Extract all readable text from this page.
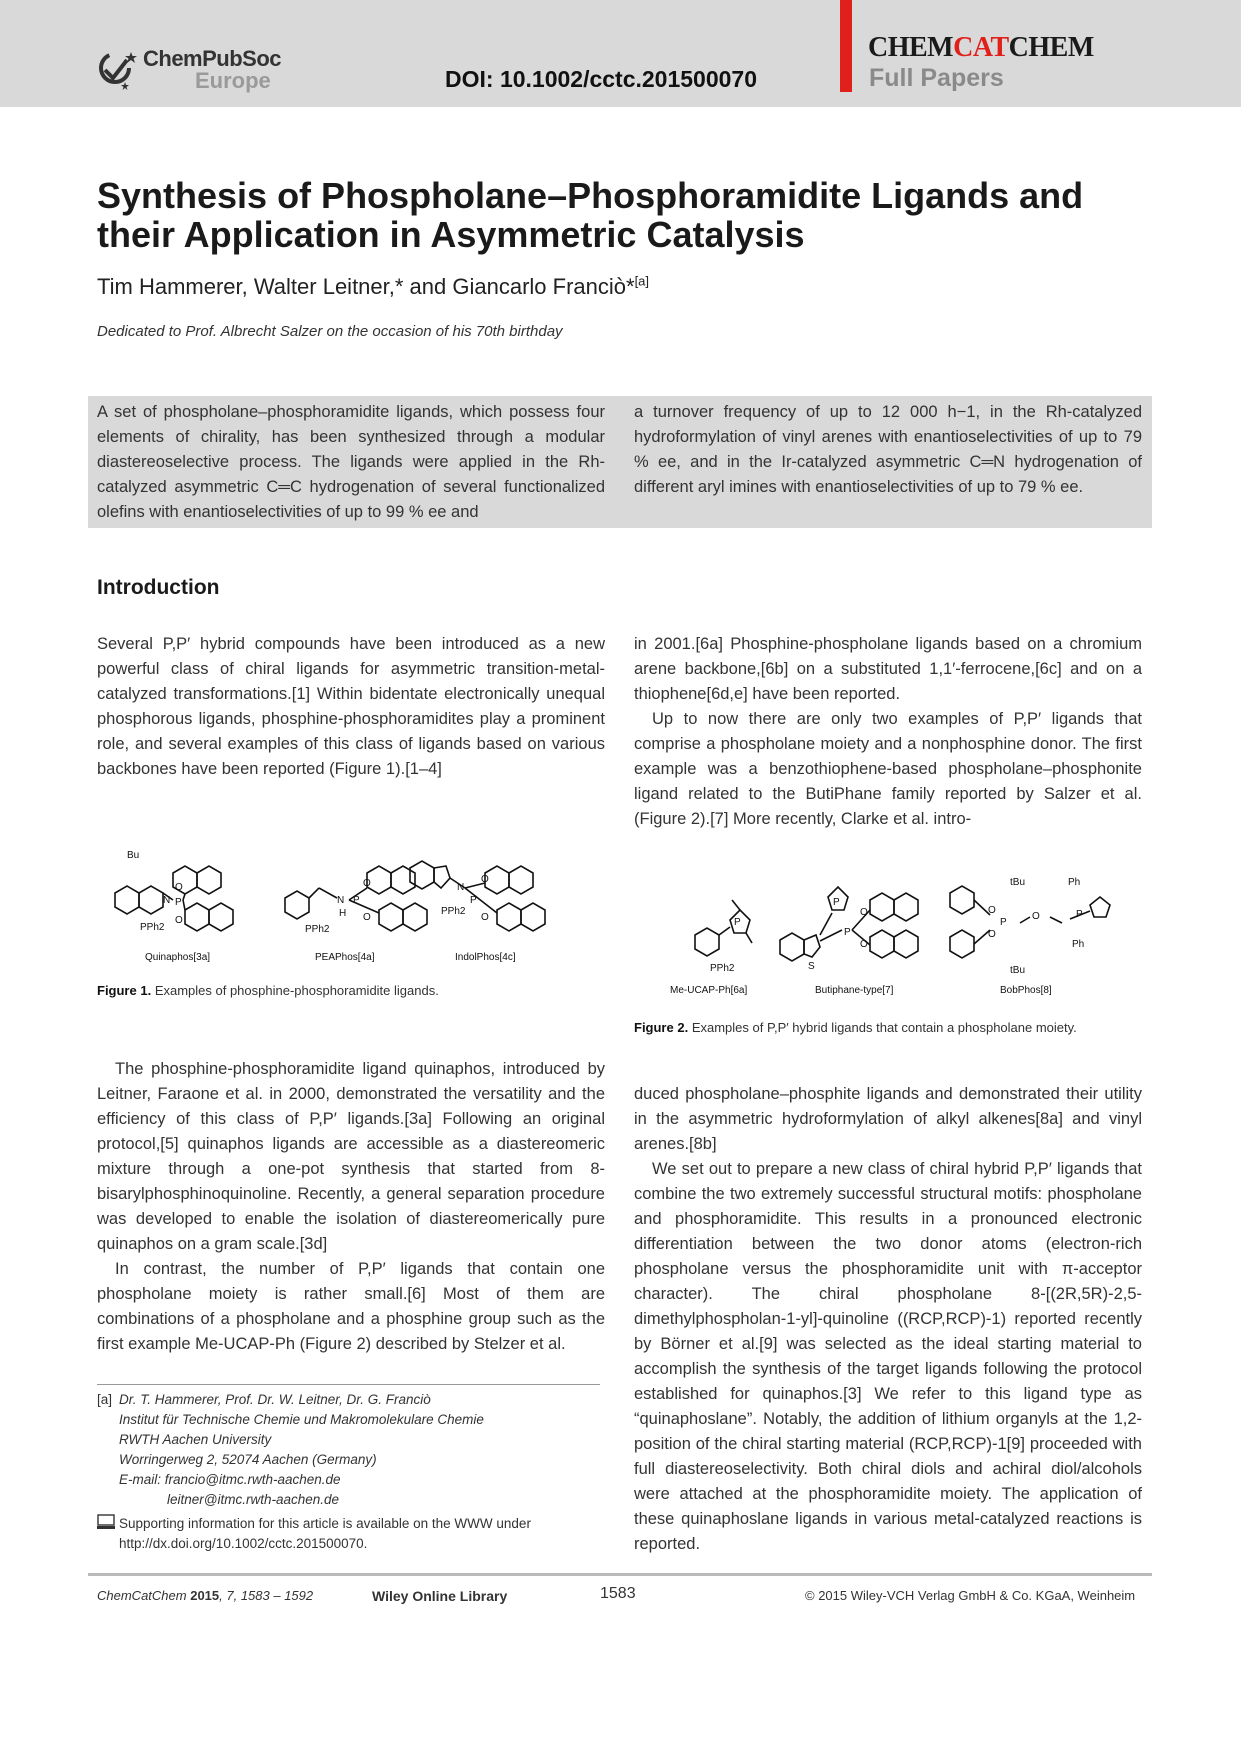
ChemPubSoc
Europe	DOI: 10.1002/cctc.201500070
CHEMCATCHEM
Full Papers
Synthesis of Phospholane–Phosphoramidite Ligands and their Application in Asymmetric Catalysis
Tim Hammerer, Walter Leitner,* and Giancarlo Franciò*[a]
Dedicated to Prof. Albrecht Salzer on the occasion of his 70th birthday

A set of phospholane–phosphoramidite ligands, which possess four elements of chirality, has been synthesized through a modular diastereoselective process. The ligands were applied in the Rh-catalyzed asymmetric C═C hydrogenation of several functionalized olefins with enantioselectivities of up to 99 % ee and

a turnover frequency of up to 12 000 h−1, in the Rh-catalyzed hydroformylation of vinyl arenes with enantioselectivities of up to 79 % ee, and in the Ir-catalyzed asymmetric C═N hydrogenation of different aryl imines with enantioselectivities of up to 79 % ee.

Introduction

Several P,P′ hybrid compounds have been introduced as a new powerful class of chiral ligands for asymmetric transition-metal-catalyzed transformations.[1] Within bidentate electronically unequal phosphorous ligands, phosphine-phosphoramidites play a prominent role, and several examples of this class of ligands based on various backbones have been reported (Figure 1).[1–4]

in 2001.[6a] Phosphine-phospholane ligands based on a chromium arene backbone,[6b] on a substituted 1,1′-ferrocene,[6c] and on a thiophene[6d,e] have been reported.

Up to now there are only two examples of P,P′ ligands that comprise a phospholane moiety and a nonphosphine donor. The first example was a benzothiophene-based phospholane–phosphonite ligand related to the ButiPhane family reported by Salzer et al. (Figure 2).[7] More recently, Clarke et al. intro-

Bu
N P
O
O
PPh2
N
H
P
O
O
PPh2
N
P
O
O
PPh2
Quinaphos[3a]	PEAPhos[4a]	IndolPhos[4c]
Figure 1. Examples of phosphine-phosphoramidite ligands.
P
PPh2
P
P
S
O
O
tBu
tBu
O
O
P
O	P
Ph
Ph
Me-UCAP-Ph[6a]	Butiphane-type[7]	BobPhos[8]
Figure 2. Examples of P,P′ hybrid ligands that contain a phospholane moiety.

The phosphine-phosphoramidite ligand quinaphos, introduced by Leitner, Faraone et al. in 2000, demonstrated the versatility and the efficiency of this class of P,P′ ligands.[3a] Following an original protocol,[5] quinaphos ligands are accessible as a diastereomeric mixture through a one-pot synthesis that started from 8-bisarylphosphinoquinoline. Recently, a general separation procedure was developed to enable the isolation of diastereomerically pure quinaphos on a gram scale.[3d]

In contrast, the number of P,P′ ligands that contain one phospholane moiety is rather small.[6] Most of them are combinations of a phospholane and a phosphine group such as the first example Me-UCAP-Ph (Figure 2) described by Stelzer et al.

duced phospholane–phosphite ligands and demonstrated their utility in the asymmetric hydroformylation of alkyl alkenes[8a] and vinyl arenes.[8b]

We set out to prepare a new class of chiral hybrid P,P′ ligands that combine the two extremely successful structural motifs: phospholane and phosphoramidite. This results in a pronounced electronic differentiation between the two donor atoms (electron-rich phospholane versus the phosphoramidite unit with π-acceptor character). The chiral phospholane 8-[(2R,5R)-2,5-dimethylphospholan-1-yl]-quinoline ((RCP,RCP)-1) reported recently by Börner et al.[9] was selected as the ideal starting material to accomplish the synthesis of the target ligands following the protocol established for quinaphos.[3] We refer to this ligand type as “quinaphoslane”. Notably, the addition of lithium organyls at the 1,2-position of the chiral starting material (RCP,RCP)-1[9] proceeded with full diastereoselectivity. Both chiral diols and achiral diol/alcohols were attached at the phosphoramidite moiety. The application of these quinaphoslane ligands in various metal-catalyzed reactions is reported.

[a] Dr. T. Hammerer, Prof. Dr. W. Leitner, Dr. G. Franciò
Institut für Technische Chemie und Makromolekulare Chemie
RWTH Aachen University
Worringerweg 2, 52074 Aachen (Germany)
E-mail: francio@itmc.rwth-aachen.de
leitner@itmc.rwth-aachen.de
Supporting information for this article is available on the WWW under http://dx.doi.org/10.1002/cctc.201500070.
ChemCatChem 2015, 7, 1583 – 1592	Wiley Online Library	1583	© 2015 Wiley-VCH Verlag GmbH & Co. KGaA, Weinheim
